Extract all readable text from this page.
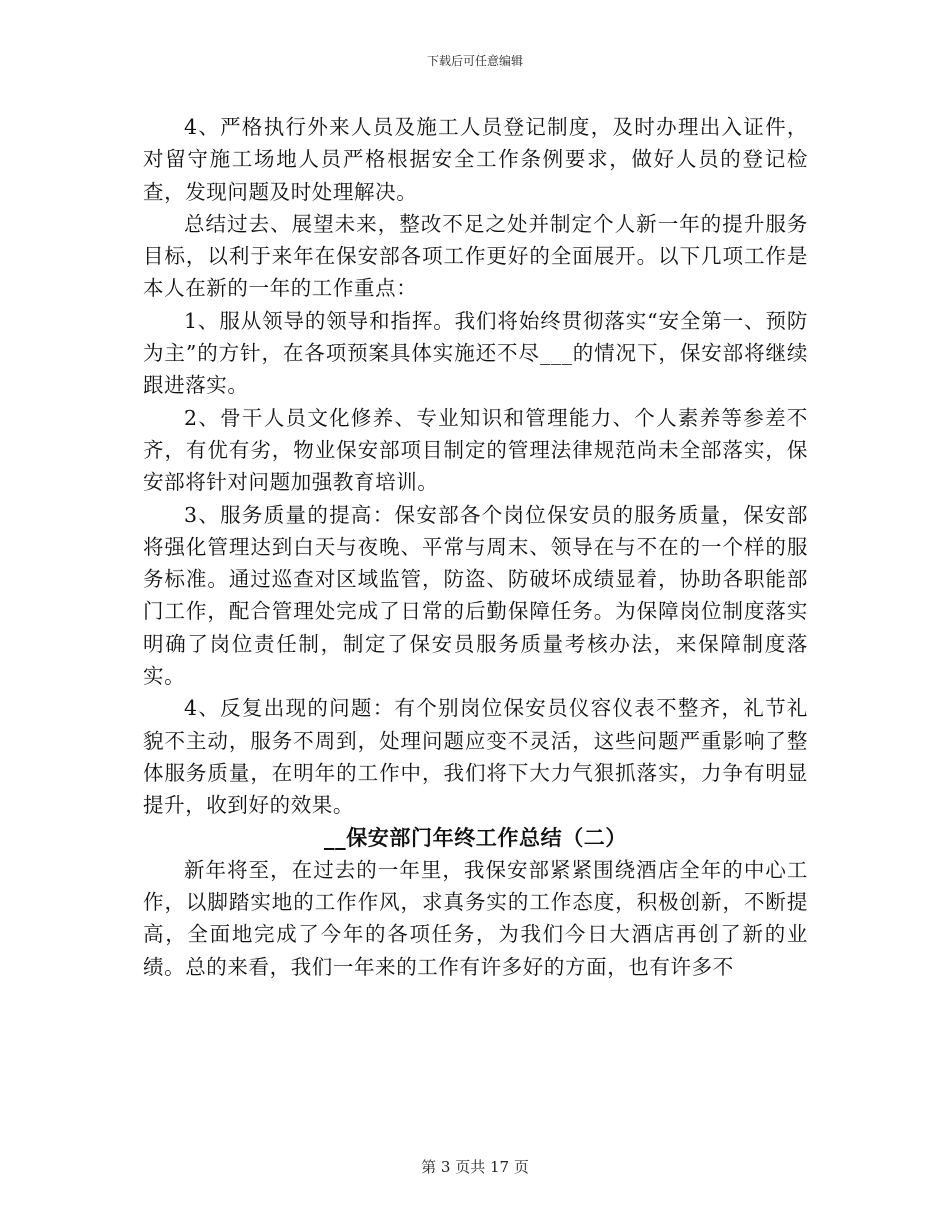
下载后可任意编辑

4、严格执行外来人员及施工人员登记制度，及时办理出入证件，对留守施工场地人员严格根据安全工作条例要求，做好人员的登记检查，发现问题及时处理解决。

总结过去、展望未来，整改不足之处并制定个人新一年的提升服务目标，以利于来年在保安部各项工作更好的全面展开。以下几项工作是本人在新的一年的工作重点：

1、服从领导的领导和指挥。我们将始终贯彻落实“安全第一、预防为主”的方针，在各项预案具体实施还不尽___的情况下，保安部将继续跟进落实。

2、骨干人员文化修养、专业知识和管理能力、个人素养等参差不齐，有优有劣，物业保安部项目制定的管理法律规范尚未全部落实，保安部将针对问题加强教育培训。

3、服务质量的提高：保安部各个岗位保安员的服务质量，保安部将强化管理达到白天与夜晚、平常与周末、领导在与不在的一个样的服务标准。通过巡查对区域监管，防盗、防破坏成绩显着，协助各职能部门工作，配合管理处完成了日常的后勤保障任务。为保障岗位制度落实明确了岗位责任制，制定了保安员服务质量考核办法，来保障制度落实。

4、反复出现的问题：有个别岗位保安员仪容仪表不整齐，礼节礼貌不主动，服务不周到，处理问题应变不灵活，这些问题严重影响了整体服务质量，在明年的工作中，我们将下大力气狠抓落实，力争有明显提升，收到好的效果。

__保安部门年终工作总结（二）

新年将至，在过去的一年里，我保安部紧紧围绕酒店全年的中心工作，以脚踏实地的工作作风，求真务实的工作态度，积极创新，不断提高，全面地完成了今年的各项任务，为我们今日大酒店再创了新的业绩。总的来看，我们一年来的工作有许多好的方面，也有许多不

第 3 页共 17 页
